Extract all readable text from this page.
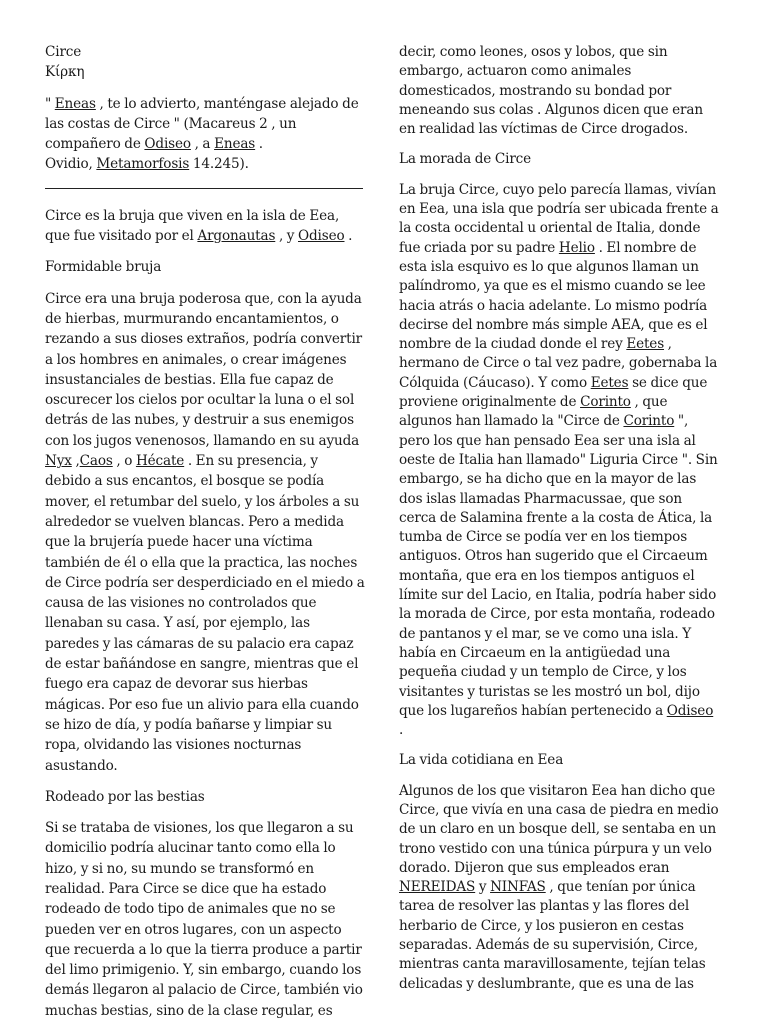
Circe
Κίρκη

" Eneas , te lo advierto, manténgase alejado de las costas de Circe " (Macareus 2 , un compañero de Odiseo , a Eneas .
Ovidio, Metamorfosis 14.245).

Circe es la bruja que viven en la isla de Eea, que fue visitado por el Argonautas , y Odiseo .

Formidable bruja

Circe era una bruja poderosa que, con la ayuda de hierbas, murmurando encantamientos, o rezando a sus dioses extraños, podría convertir a los hombres en animales, o crear imágenes insustanciales de bestias. Ella fue capaz de oscurecer los cielos por ocultar la luna o el sol detrás de las nubes, y destruir a sus enemigos con los jugos venenosos, llamando en su ayuda Nyx ,Caos , o Hécate . En su presencia, y debido a sus encantos, el bosque se podía mover, el retumbar del suelo, y los árboles a su alrededor se vuelven blancas. Pero a medida que la brujería puede hacer una víctima también de él o ella que la practica, las noches de Circe podría ser desperdiciado en el miedo a causa de las visiones no controlados que llenaban su casa. Y así, por ejemplo, las paredes y las cámaras de su palacio era capaz de estar bañándose en sangre, mientras que el fuego era capaz de devorar sus hierbas mágicas. Por eso fue un alivio para ella cuando se hizo de día, y podía bañarse y limpiar su ropa, olvidando las visiones nocturnas asustando.

Rodeado por las bestias

Si se trataba de visiones, los que llegaron a su domicilio podría alucinar tanto como ella lo hizo, y si no, su mundo se transformó en realidad. Para Circe se dice que ha estado rodeado de todo tipo de animales que no se pueden ver en otros lugares, con un aspecto que recuerda a lo que la tierra produce a partir del limo primigenio. Y, sin embargo, cuando los demás llegaron al palacio de Circe, también vio muchas bestias, sino de la clase regular, es

decir, como leones, osos y lobos, que sin embargo, actuaron como animales domesticados, mostrando su bondad por meneando sus colas . Algunos dicen que eran en realidad las víctimas de Circe drogados.

La morada de Circe

La bruja Circe, cuyo pelo parecía llamas, vivían en Eea, una isla que podría ser ubicada frente a la costa occidental u oriental de Italia, donde fue criada por su padre Helio . El nombre de esta isla esquivo es lo que algunos llaman un palíndromo, ya que es el mismo cuando se lee hacia atrás o hacia adelante. Lo mismo podría decirse del nombre más simple AEA, que es el nombre de la ciudad donde el rey Eetes , hermano de Circe o tal vez padre, gobernaba la Cólquida (Cáucaso). Y como Eetes se dice que proviene originalmente de Corinto , que algunos han llamado la "Circe de Corinto ", pero los que han pensado Eea ser una isla al oeste de Italia han llamado" Liguria Circe ". Sin embargo, se ha dicho que en la mayor de las dos islas llamadas Pharmacussae, que son cerca de Salamina frente a la costa de Ática, la tumba de Circe se podía ver en los tiempos antiguos. Otros han sugerido que el Circaeum montaña, que era en los tiempos antiguos el límite sur del Lacio, en Italia, podría haber sido la morada de Circe, por esta montaña, rodeado de pantanos y el mar, se ve como una isla. Y había en Circaeum en la antigüedad una pequeña ciudad y un templo de Circe, y los visitantes y turistas se les mostró un bol, dijo que los lugareños habían pertenecido a Odiseo .

La vida cotidiana en Eea

Algunos de los que visitaron Eea han dicho que Circe, que vivía en una casa de piedra en medio de un claro en un bosque dell, se sentaba en un trono vestido con una túnica púrpura y un velo dorado. Dijeron que sus empleados eran NEREIDAS y NINFAS , que tenían por única tarea de resolver las plantas y las flores del herbario de Circe, y los pusieron en cestas separadas. Además de su supervisión, Circe, mientras canta maravillosamente, tejían telas delicadas y deslumbrante, que es una de las
